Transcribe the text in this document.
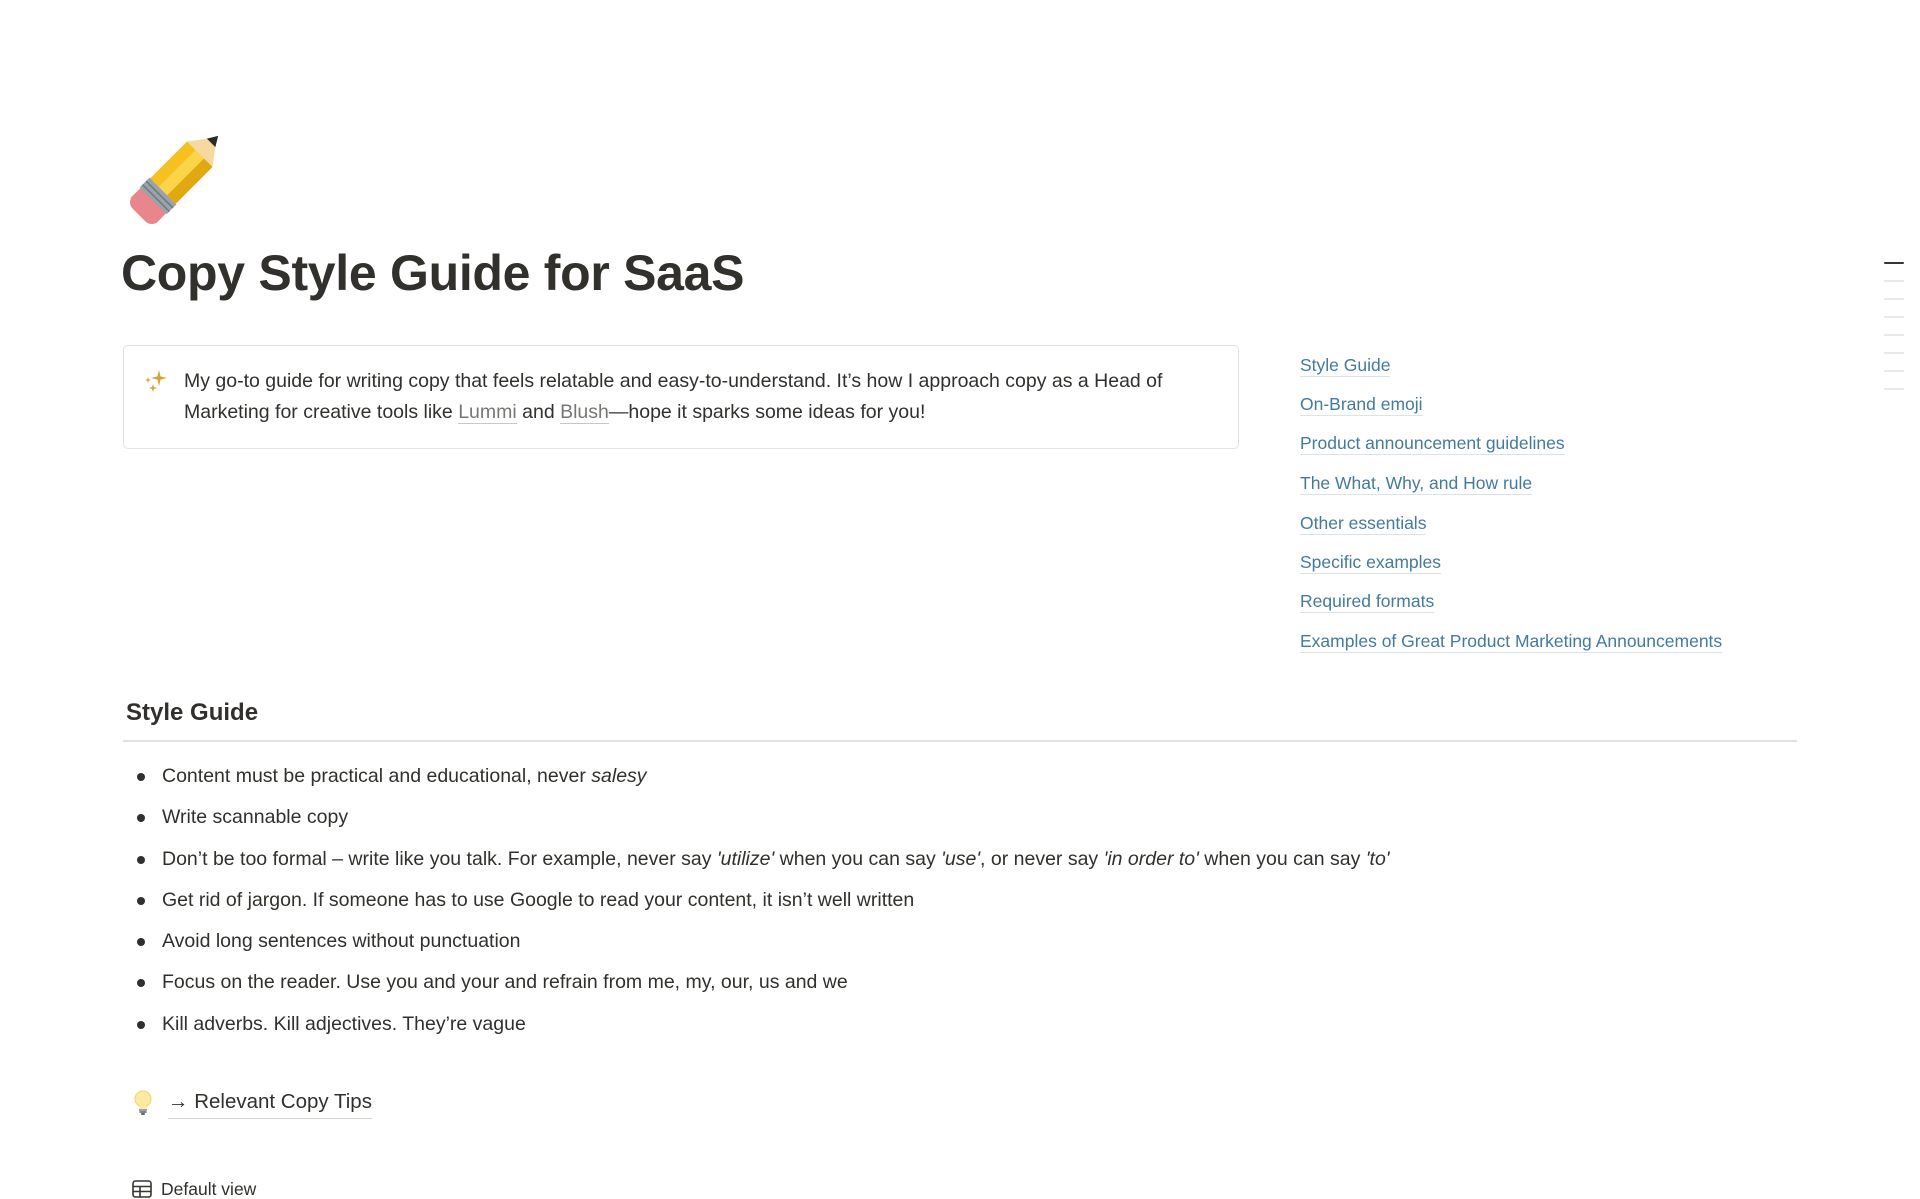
Copy Style Guide for SaaS

My go-to guide for writing copy that feels relatable and easy-to-understand. It’s how I approach copy as a Head of Marketing for creative tools like Lummi and Blush—hope it sparks some ideas for you!

Style Guide
On-Brand emoji
Product announcement guidelines
The What, Why, and How rule
Other essentials
Specific examples
Required formats
Examples of Great Product Marketing Announcements
Style Guide
Content must be practical and educational, never salesy
Write scannable copy
Don’t be too formal – write like you talk. For example, never say 'utilize' when you can say 'use', or never say 'in order to' when you can say 'to'
Get rid of jargon. If someone has to use Google to read your content, it isn’t well written
Avoid long sentences without punctuation
Focus on the reader. Use you and your and refrain from me, my, our, us and we
Kill adverbs. Kill adjectives. They’re vague
→ Relevant Copy Tips
Default view
